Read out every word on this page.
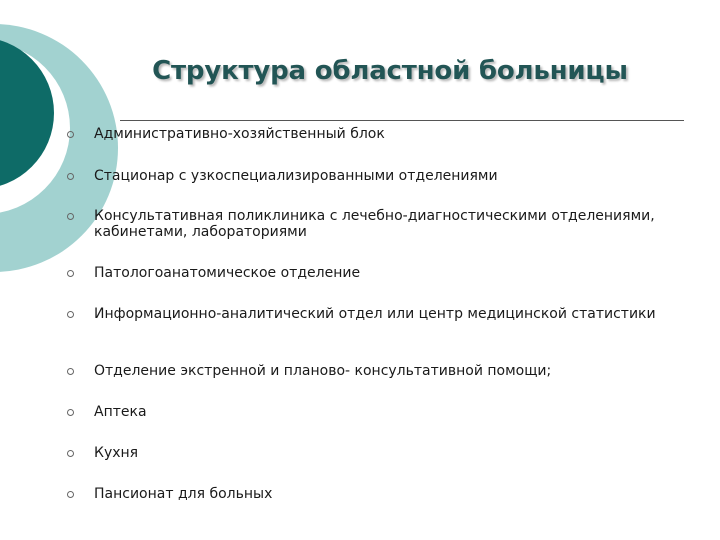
Структура областной больницы
Административно-хозяйственный блок
Стационар с узкоспециализированными отделениями
Консультативная поликлиника с лечебно-диагностическими отделениями, кабинетами, лабораториями
Патологоанатомическое отделение
Информационно-аналитический отдел или центр медицинской статистики
Отделение экстренной и планово- консультативной помощи;
Аптека
Кухня
Пансионат для больных
